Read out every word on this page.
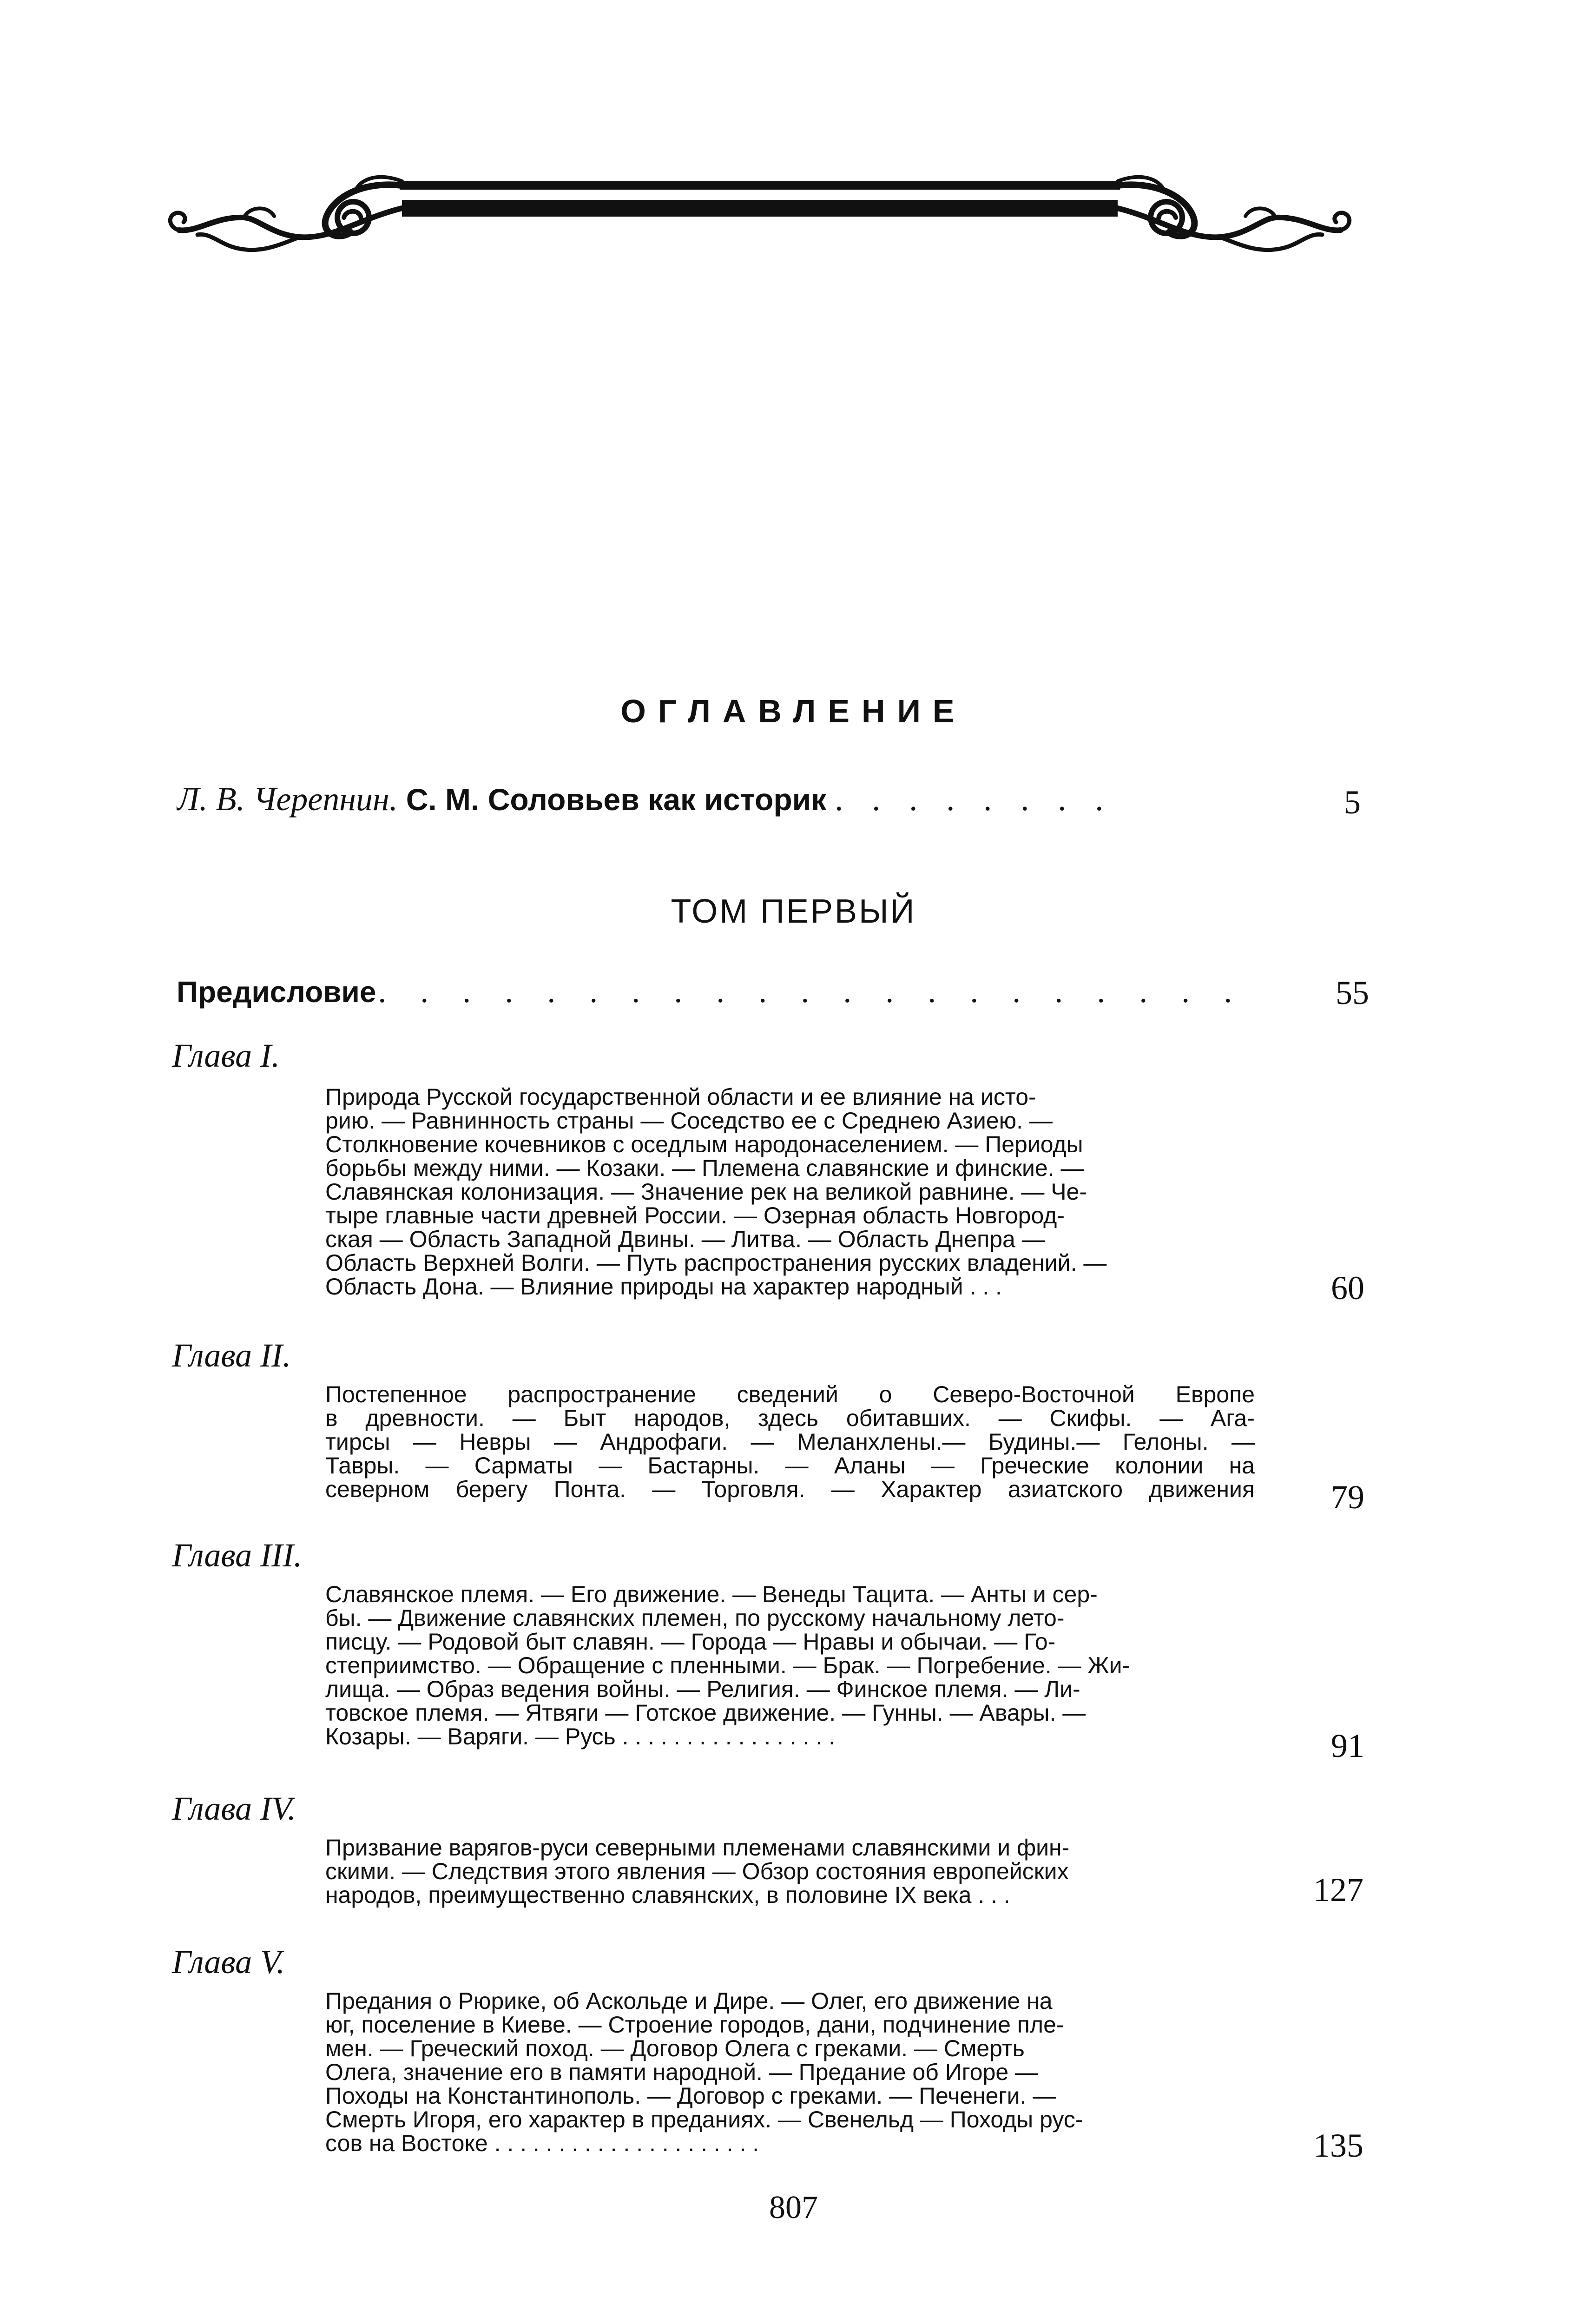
ОГЛАВЛЕНИЕ
Л. В. Черепнин. С. М. Соловьев как историк . . . . . . . .	5
ТОМ ПЕРВЫЙ
Предисловие . . . . . . . . . . . . . . . . . . . . .	55
Глава I.
Природа Русской государственной области и ее влияние на исто-
рию. — Равнинность страны — Соседство ее с Среднею Азиею. —
Столкновение кочевников с оседлым народонаселением. — Периоды
борьбы между ними. — Козаки. — Племена славянские и финские. —
Славянская колонизация. — Значение рек на великой равнине. — Че-
тыре главные части древней России. — Озерная область Новгород-
ская — Область Западной Двины. — Литва. — Область Днепра —
Область Верхней Волги. — Путь распространения русских владений. —
Область Дона. — Влияние природы на характер народный . . .	60
Глава II.
Постепенное распространение сведений о Северо-Восточной Европе
в древности. — Быт народов, здесь обитавших. — Скифы. — Ага-
тирсы — Невры — Андрофаги. — Меланхлены.— Будины.— Гелоны. —
Тавры. — Сарматы — Бастарны. — Аланы — Греческие колонии на
северном берегу Понта. — Торговля. — Характер азиатского движения	79
Глава III.
Славянское племя. — Его движение. — Венеды Тацита. — Анты и сер-
бы. — Движение славянских племен, по русскому начальному лето-
писцу. — Родовой быт славян. — Города — Нравы и обычаи. — Го-
степриимство. — Обращение с пленными. — Брак. — Погребение. — Жи-
лища. — Образ ведения войны. — Религия. — Финское племя. — Ли-
товское племя. — Ятвяги — Готское движение. — Гунны. — Авары. —
Козары. — Варяги. — Русь . . . . . . . . . . . . . . . . .	91
Глава IV.
Призвание варягов-руси северными племенами славянскими и фин-
скими. — Следствия этого явления — Обзор состояния европейских
народов, преимущественно славянских, в половине IX века . . .	127
Глава V.
Предания о Рюрике, об Аскольде и Дире. — Олег, его движение на
юг, поселение в Киеве. — Строение городов, дани, подчинение пле-
мен. — Греческий поход. — Договор Олега с греками. — Смерть
Олега, значение его в памяти народной. — Предание об Игоре —
Походы на Константинополь. — Договор с греками. — Печенеги. —
Смерть Игоря, его характер в преданиях. — Свенельд — Походы рус-
сов на Востоке . . . . . . . . . . . . . . . . . . . . .	135
807
